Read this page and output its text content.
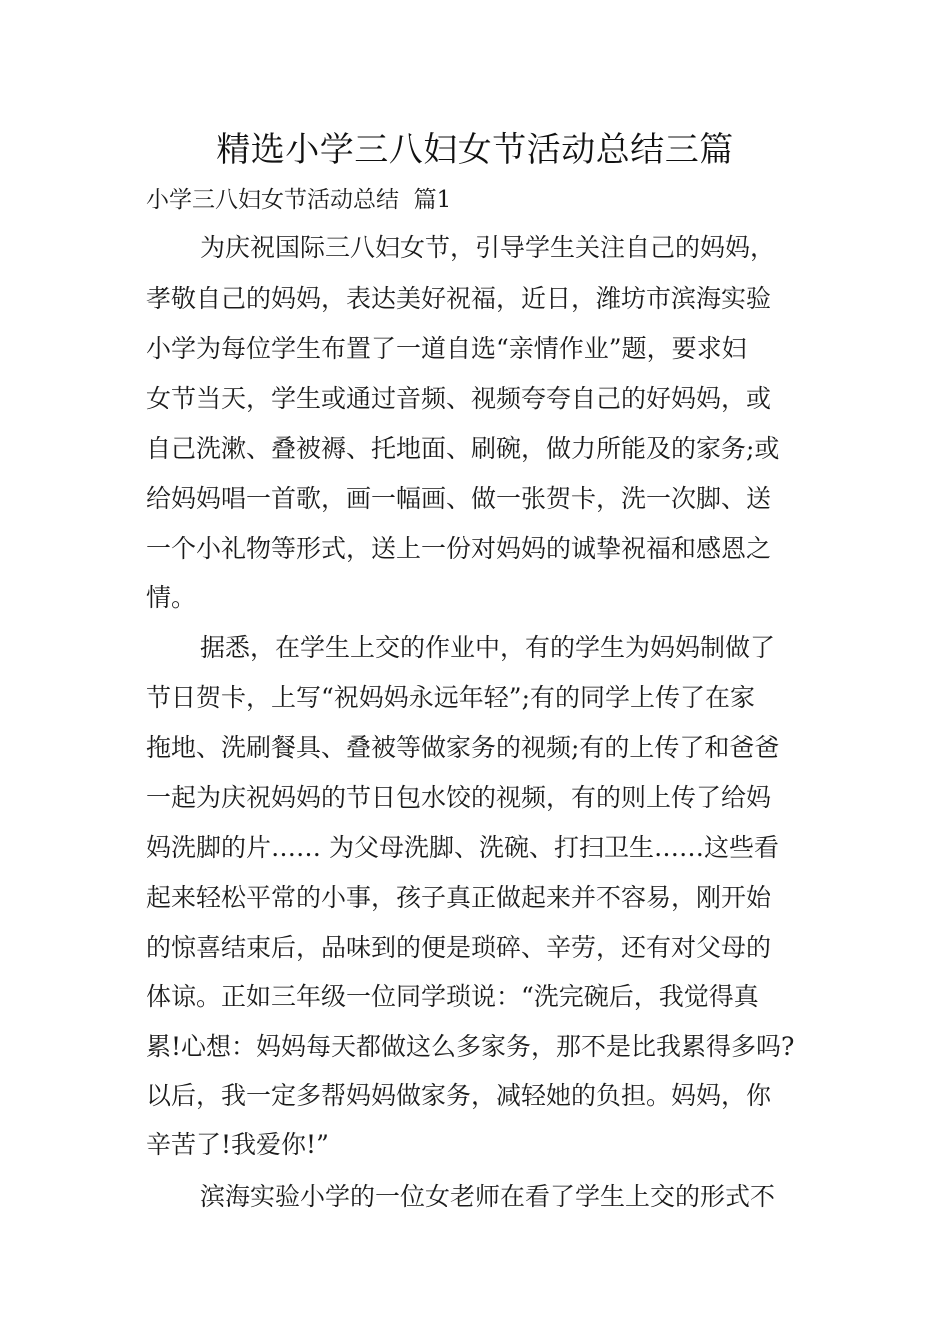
精选小学三八妇女节活动总结三篇
小学三八妇女节活动总结  篇1
为庆祝国际三八妇女节，引导学生关注自己的妈妈，
孝敬自己的妈妈，表达美好祝福，近日，潍坊市滨海实验
小学为每位学生布置了一道自选“亲情作业”题，要求妇
女节当天，学生或通过音频、视频夸夸自己的好妈妈，或
自己洗漱、叠被褥、托地面、刷碗，做力所能及的家务;或
给妈妈唱一首歌，画一幅画、做一张贺卡，洗一次脚、送
一个小礼物等形式，送上一份对妈妈的诚挚祝福和感恩之
情。
据悉，在学生上交的作业中，有的学生为妈妈制做了
节日贺卡，上写“祝妈妈永远年轻”;有的同学上传了在家
拖地、洗刷餐具、叠被等做家务的视频;有的上传了和爸爸
一起为庆祝妈妈的节日包水饺的视频，有的则上传了给妈
妈洗脚的片…… 为父母洗脚、洗碗、打扫卫生……这些看
起来轻松平常的小事，孩子真正做起来并不容易，刚开始
的惊喜结束后，品味到的便是琐碎、辛劳，还有对父母的
体谅。正如三年级一位同学琐说：“洗完碗后，我觉得真
累!心想：妈妈每天都做这么多家务，那不是比我累得多吗?
以后，我一定多帮妈妈做家务，减轻她的负担。妈妈，你
辛苦了!我爱你!”
滨海实验小学的一位女老师在看了学生上交的形式不
